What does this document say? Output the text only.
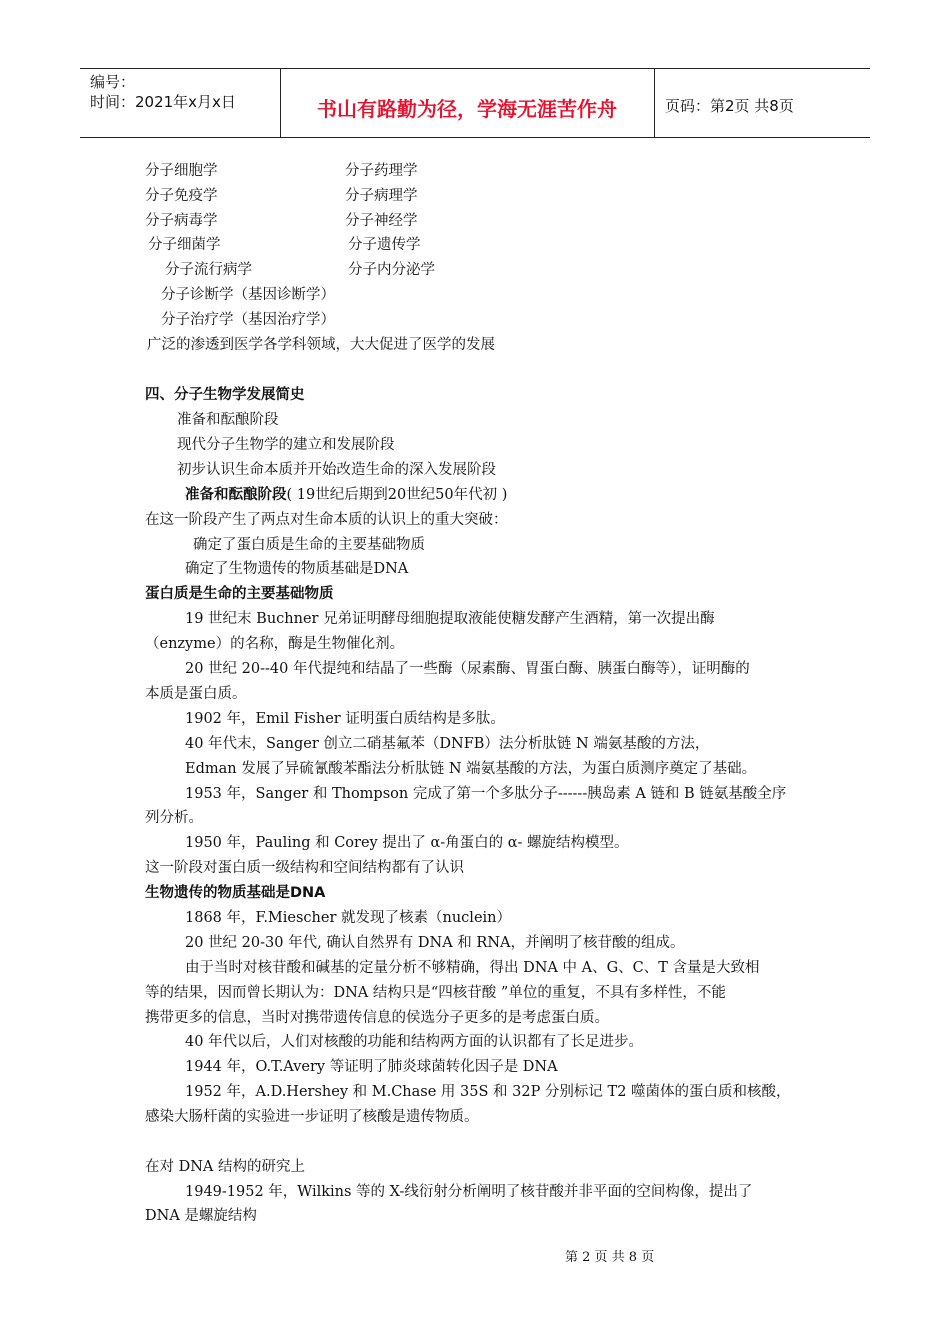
编号：
时间：2021年x月x日	书山有路勤为径，学海无涯苦作舟	页码：第2页 共8页
分子细胞学	分子药理学
分子免疫学	分子病理学
分子病毒学	分子神经学
分子细菌学	分子遗传学
分子流行病学	分子内分泌学
分子诊断学（基因诊断学）
分子治疗学（基因治疗学）
广泛的渗透到医学各学科领域，大大促进了医学的发展
四、分子生物学发展简史
准备和酝酿阶段
现代分子生物学的建立和发展阶段
初步认识生命本质并开始改造生命的深入发展阶段
准备和酝酿阶段( 19世纪后期到20世纪50年代初 )
在这一阶段产生了两点对生命本质的认识上的重大突破：
确定了蛋白质是生命的主要基础物质
确定了生物遗传的物质基础是DNA
蛋白质是生命的主要基础物质
19 世纪末 Buchner 兄弟证明酵母细胞提取液能使糖发酵产生酒精，第一次提出酶
（enzyme）的名称，酶是生物催化剂。
20 世纪 20--40 年代提纯和结晶了一些酶（尿素酶、胃蛋白酶、胰蛋白酶等），证明酶的
本质是蛋白质。
1902 年，Emil Fisher 证明蛋白质结构是多肽。
40 年代末，Sanger 创立二硝基氟苯（DNFB）法分析肽链 N 端氨基酸的方法，
Edman 发展了异硫氰酸苯酯法分析肽链 N 端氨基酸的方法，为蛋白质测序奠定了基础。
1953 年，Sanger 和 Thompson 完成了第一个多肽分子------胰岛素 A 链和 B 链氨基酸全序
列分析。
1950 年，Pauling 和 Corey 提出了 α-角蛋白的 α- 螺旋结构模型。
这一阶段对蛋白质一级结构和空间结构都有了认识
生物遗传的物质基础是DNA
1868 年，F.Miescher 就发现了核素（nuclein）
20 世纪 20-30 年代, 确认自然界有 DNA 和 RNA，并阐明了核苷酸的组成。
由于当时对核苷酸和碱基的定量分析不够精确，得出 DNA 中 A、G、C、T 含量是大致相
等的结果，因而曾长期认为：DNA 结构只是“四核苷酸 ”单位的重复，不具有多样性，不能
携带更多的信息，当时对携带遗传信息的侯选分子更多的是考虑蛋白质。
40 年代以后，人们对核酸的功能和结构两方面的认识都有了长足进步。
1944 年，O.T.Avery 等证明了肺炎球菌转化因子是 DNA
1952 年，A.D.Hershey 和 M.Chase 用 35S 和 32P 分别标记 T2 噬菌体的蛋白质和核酸，
感染大肠杆菌的实验进一步证明了核酸是遗传物质。
在对 DNA 结构的研究上
1949-1952 年，Wilkins 等的 X-线衍射分析阐明了核苷酸并非平面的空间构像，提出了
DNA 是螺旋结构
第 2 页 共 8 页
